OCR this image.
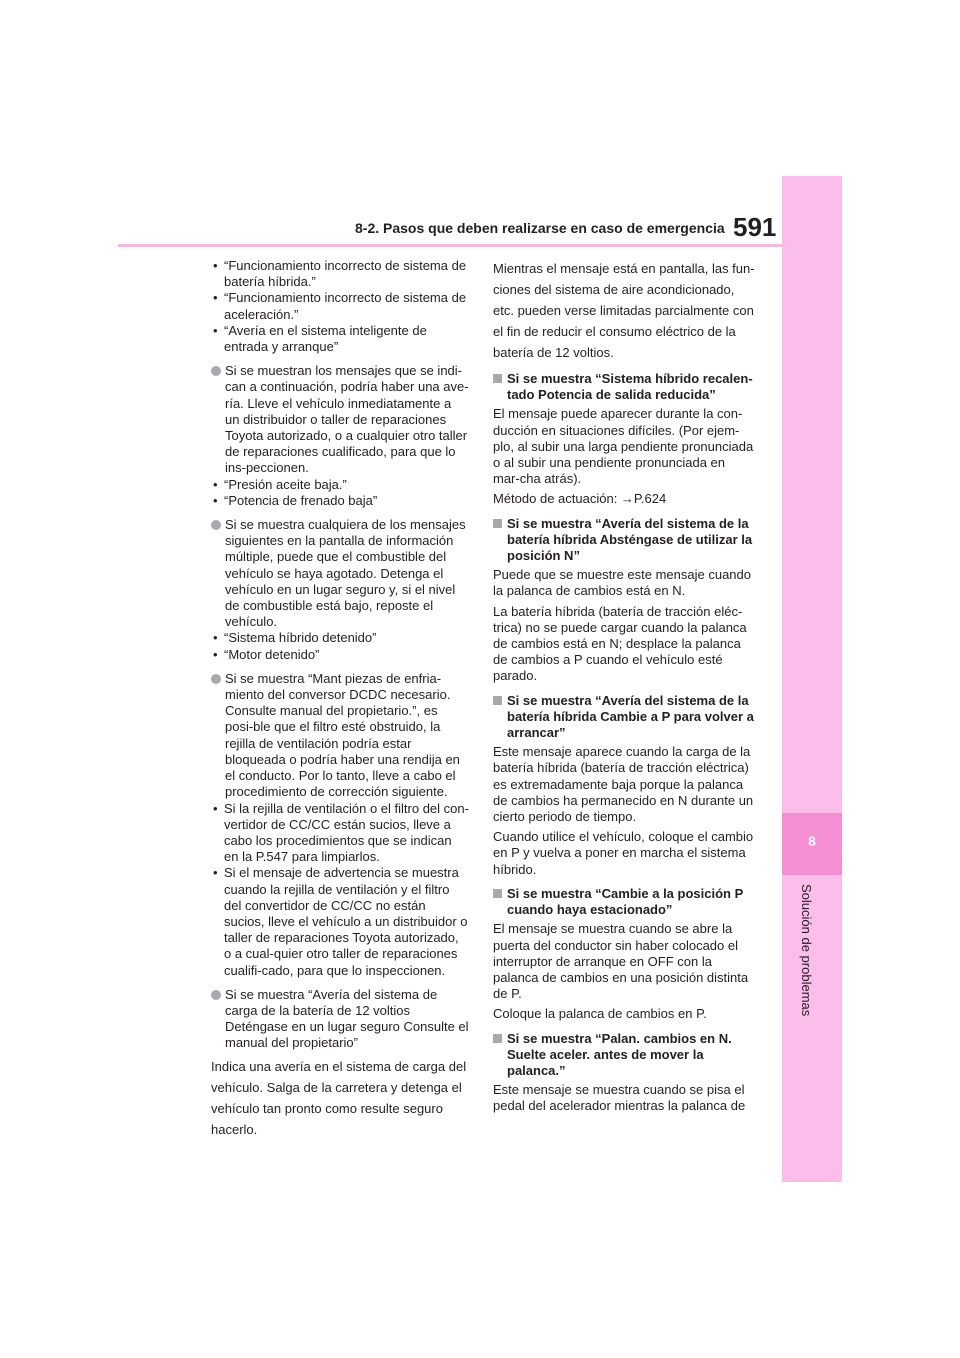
8-2. Pasos que deben realizarse en caso de emergencia 591
8
Solución de problemas
• “Funcionamiento incorrecto de sistema de batería híbrida.”
• “Funcionamiento incorrecto de sistema de aceleración.”
• “Avería en el sistema inteligente de entrada y arranque”
Si se muestran los mensajes que se indi-can a continuación, podría haber una ave-ría. Lleve el vehículo inmediatamente a un distribuidor o taller de reparaciones Toyota autorizado, o a cualquier otro taller de reparaciones cualificado, para que lo ins-peccionen.
• “Presión aceite baja.”
• “Potencia de frenado baja”
Si se muestra cualquiera de los mensajes siguientes en la pantalla de información múltiple, puede que el combustible del vehículo se haya agotado. Detenga el vehículo en un lugar seguro y, si el nivel de combustible está bajo, reposte el vehículo.
• “Sistema híbrido detenido”
• “Motor detenido”
Si se muestra “Mant piezas de enfria-miento del conversor DCDC necesario. Consulte manual del propietario.”, es posi-ble que el filtro esté obstruido, la rejilla de ventilación podría estar bloqueada o podría haber una rendija en el conducto. Por lo tanto, lleve a cabo el procedimiento de corrección siguiente.
• Si la rejilla de ventilación o el filtro del con-vertidor de CC/CC están sucios, lleve a cabo los procedimientos que se indican en la P.547 para limpiarlos.
• Si el mensaje de advertencia se muestra cuando la rejilla de ventilación y el filtro del convertidor de CC/CC no están sucios, lleve el vehículo a un distribuidor o taller de reparaciones Toyota autorizado, o a cual-quier otro taller de reparaciones cualifi-cado, para que lo inspeccionen.
Si se muestra “Avería del sistema de carga de la batería de 12 voltios Deténgase en un lugar seguro Consulte el manual del propietario”

Indica una avería en el sistema de carga del vehículo. Salga de la carretera y detenga el vehículo tan pronto como resulte seguro hacerlo.

Mientras el mensaje está en pantalla, las fun-ciones del sistema de aire acondicionado, etc. pueden verse limitadas parcialmente con el fin de reducir el consumo eléctrico de la batería de 12 voltios.

Si se muestra “Sistema híbrido recalen-tado Potencia de salida reducida”

El mensaje puede aparecer durante la con-ducción en situaciones difíciles. (Por ejem-plo, al subir una larga pendiente pronunciada o al subir una pendiente pronunciada en mar-cha atrás).

Método de actuación: →P.624

Si se muestra “Avería del sistema de la batería híbrida Absténgase de utilizar la posición N”

Puede que se muestre este mensaje cuando la palanca de cambios está en N.

La batería híbrida (batería de tracción eléc-trica) no se puede cargar cuando la palanca de cambios está en N; desplace la palanca de cambios a P cuando el vehículo esté parado.

Si se muestra “Avería del sistema de la batería híbrida Cambie a P para volver a arrancar”

Este mensaje aparece cuando la carga de la batería híbrida (batería de tracción eléctrica) es extremadamente baja porque la palanca de cambios ha permanecido en N durante un cierto periodo de tiempo.

Cuando utilice el vehículo, coloque el cambio en P y vuelva a poner en marcha el sistema híbrido.

Si se muestra “Cambie a la posición P cuando haya estacionado”

El mensaje se muestra cuando se abre la puerta del conductor sin haber colocado el interruptor de arranque en OFF con la palanca de cambios en una posición distinta de P.

Coloque la palanca de cambios en P.

Si se muestra “Palan. cambios en N. Suelte aceler. antes de mover la palanca.”

Este mensaje se muestra cuando se pisa el pedal del acelerador mientras la palanca de
